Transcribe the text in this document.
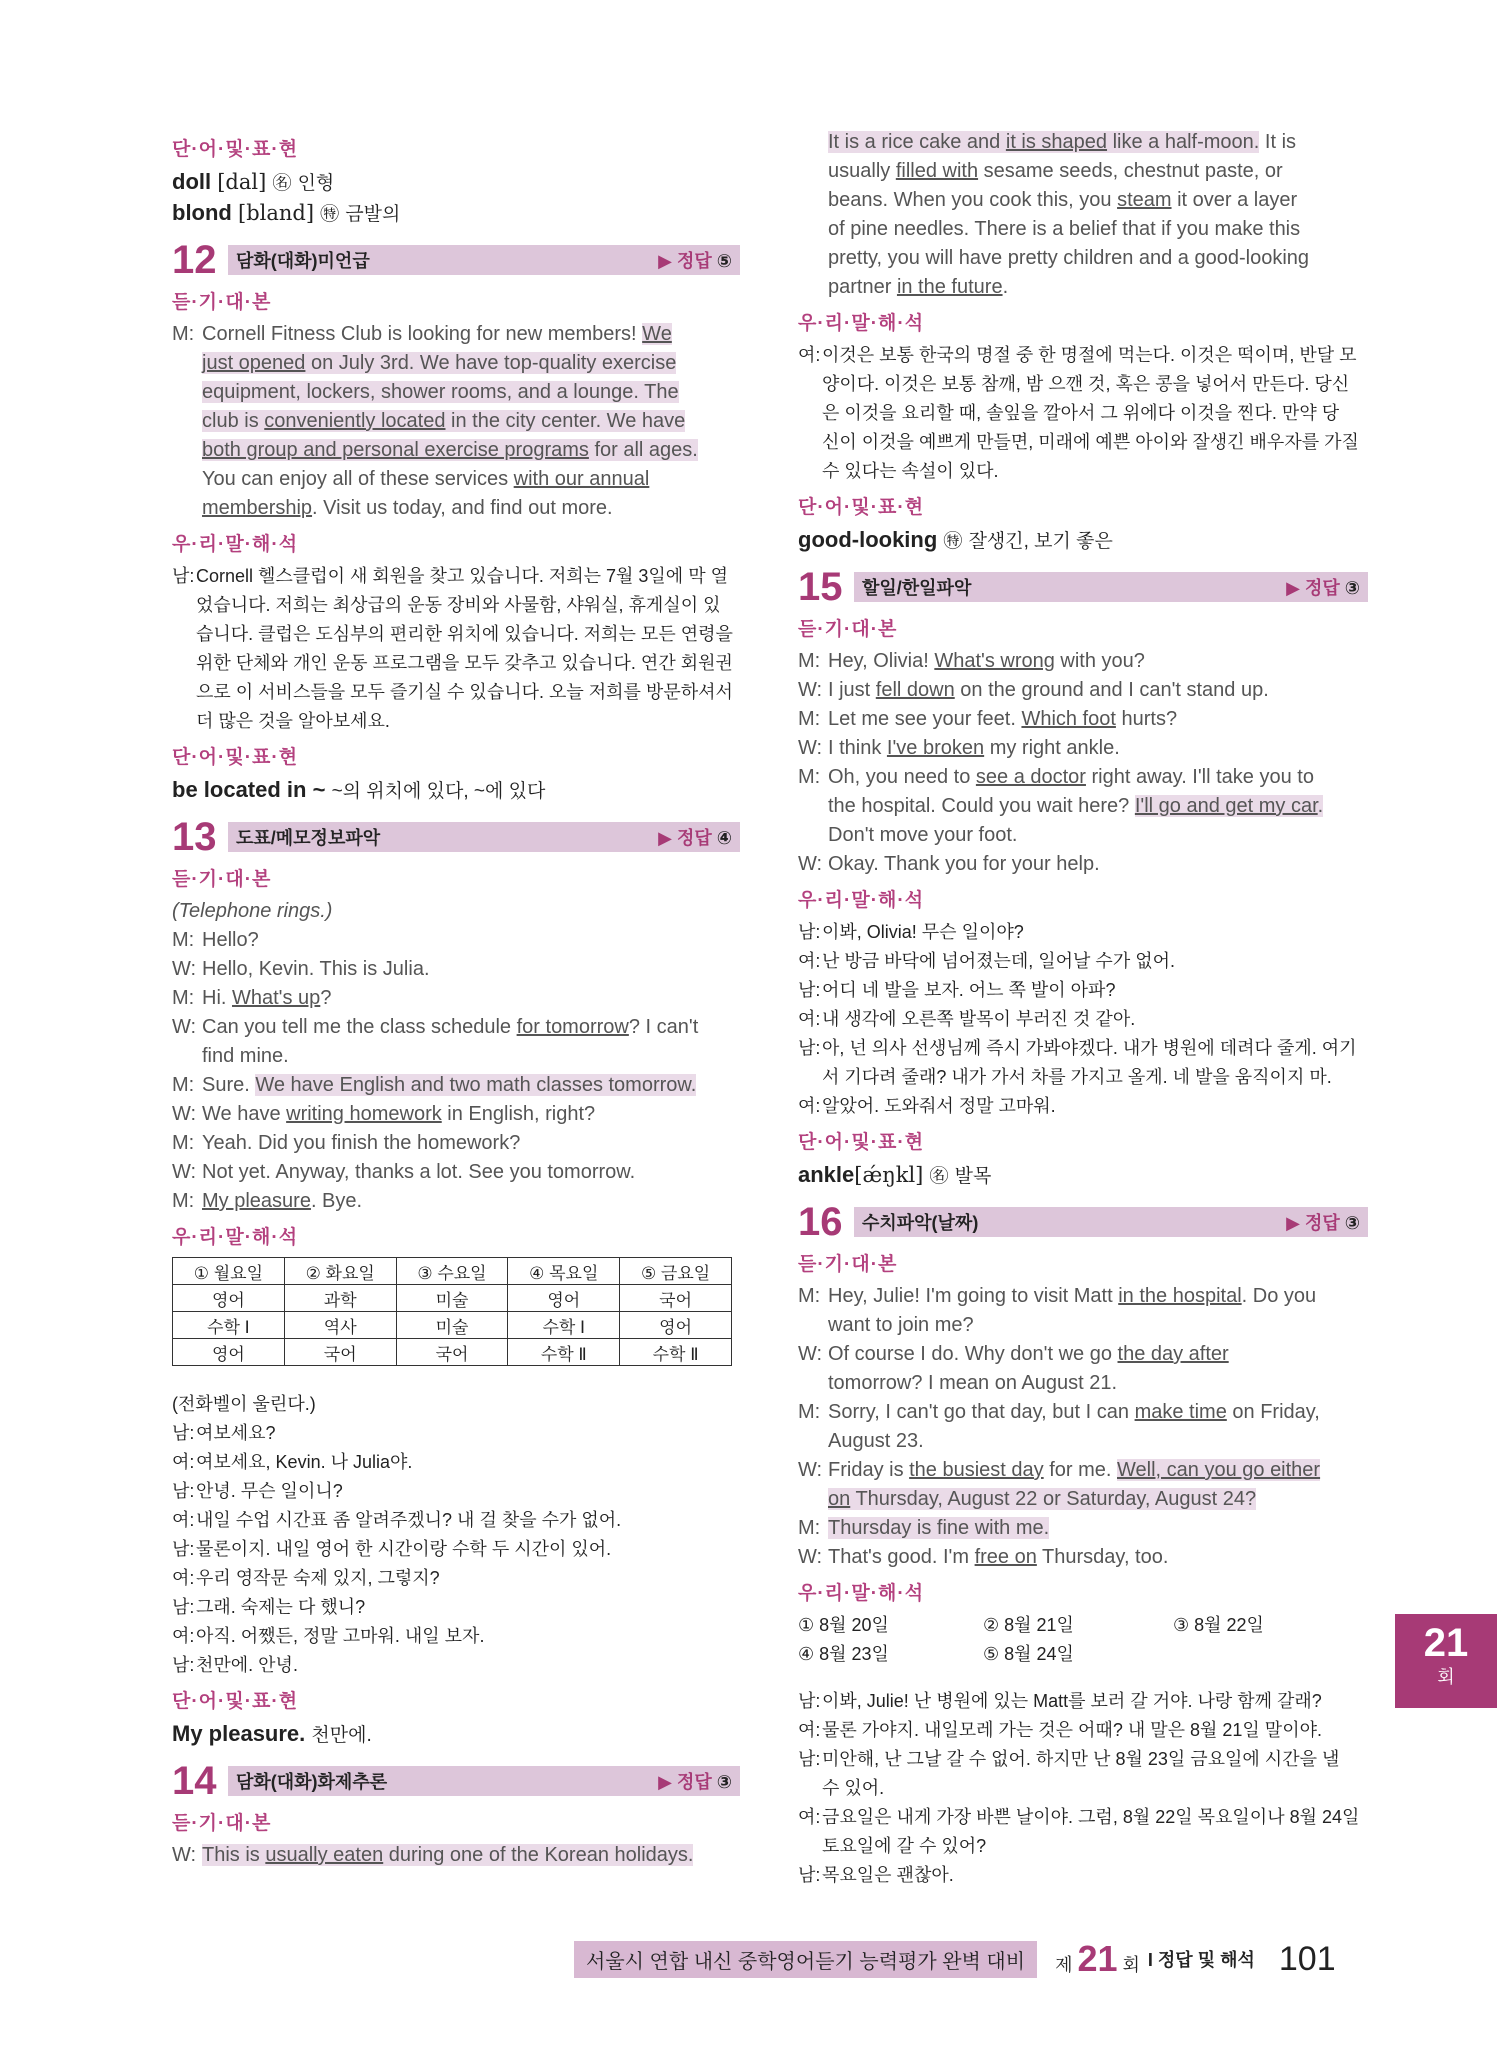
단·어·및·표·현
doll [dal] ㊔ 인형
blond [bland] ㊕ 금발의
12	담화(대화)미언급	▶ 정답 ⑤
듣·기·대·본
M: Cornell Fitness Club is looking for new members! We
just opened on July 3rd. We have top-quality exercise
equipment, lockers, shower rooms, and a lounge. The
club is conveniently located in the city center. We have
both group and personal exercise programs for all ages.
You can enjoy all of these services with our annual
membership. Visit us today, and find out more.
우·리·말·해·석
남: Cornell 헬스클럽이 새 회원을 찾고 있습니다. 저희는 7월 3일에 막 열
었습니다. 저희는 최상급의 운동 장비와 사물함, 샤워실, 휴게실이 있
습니다. 클럽은 도심부의 편리한 위치에 있습니다. 저희는 모든 연령을
위한 단체와 개인 운동 프로그램을 모두 갖추고 있습니다. 연간 회원권
으로 이 서비스들을 모두 즐기실 수 있습니다. 오늘 저희를 방문하셔서
더 많은 것을 알아보세요.
단·어·및·표·현
be located in ~ ~의 위치에 있다, ~에 있다
13	도표/메모정보파악	▶ 정답 ④
듣·기·대·본
(Telephone rings.)
M: Hello?
W: Hello, Kevin. This is Julia.
M: Hi. What's up?
W: Can you tell me the class schedule for tomorrow? I can't
find mine.
M: Sure. We have English and two math classes tomorrow.
W: We have writing homework in English, right?
M: Yeah. Did you finish the homework?
W: Not yet. Anyway, thanks a lot. See you tomorrow.
M: My pleasure. Bye.
우·리·말·해·석
① 월요일	② 화요일	③ 수요일	④ 목요일	⑤ 금요일
영어	과학	미술	영어	국어
수학 Ⅰ	역사	미술	수학 Ⅰ	영어
영어	국어	국어	수학 Ⅱ	수학 Ⅱ
(전화벨이 울린다.)
남: 여보세요?
여: 여보세요, Kevin. 나 Julia야.
남: 안녕. 무슨 일이니?
여: 내일 수업 시간표 좀 알려주겠니? 내 걸 찾을 수가 없어.
남: 물론이지. 내일 영어 한 시간이랑 수학 두 시간이 있어.
여: 우리 영작문 숙제 있지, 그렇지?
남: 그래. 숙제는 다 했니?
여: 아직. 어쨌든, 정말 고마워. 내일 보자.
남: 천만에. 안녕.
단·어·및·표·현
My pleasure. 천만에.
14	담화(대화)화제추론	▶ 정답 ③
듣·기·대·본
W: This is usually eaten during one of the Korean holidays.
It is a rice cake and it is shaped like a half-moon. It is
usually filled with sesame seeds, chestnut paste, or
beans. When you cook this, you steam it over a layer
of pine needles. There is a belief that if you make this
pretty, you will have pretty children and a good-looking
partner in the future.
우·리·말·해·석
여: 이것은 보통 한국의 명절 중 한 명절에 먹는다. 이것은 떡이며, 반달 모
양이다. 이것은 보통 참깨, 밤 으깬 것, 혹은 콩을 넣어서 만든다. 당신
은 이것을 요리할 때, 솔잎을 깔아서 그 위에다 이것을 찐다. 만약 당
신이 이것을 예쁘게 만들면, 미래에 예쁜 아이와 잘생긴 배우자를 가질
수 있다는 속설이 있다.
단·어·및·표·현
good-looking ㊕ 잘생긴, 보기 좋은
15	할일/한일파악	▶ 정답 ③
듣·기·대·본
M: Hey, Olivia! What's wrong with you?
W: I just fell down on the ground and I can't stand up.
M: Let me see your feet. Which foot hurts?
W: I think I've broken my right ankle.
M: Oh, you need to see a doctor right away. I'll take you to
the hospital. Could you wait here? I'll go and get my car.
Don't move your foot.
W: Okay. Thank you for your help.
우·리·말·해·석
남: 이봐, Olivia! 무슨 일이야?
여: 난 방금 바닥에 넘어졌는데, 일어날 수가 없어.
남: 어디 네 발을 보자. 어느 쪽 발이 아파?
여: 내 생각에 오른쪽 발목이 부러진 것 같아.
남: 아, 넌 의사 선생님께 즉시 가봐야겠다. 내가 병원에 데려다 줄게. 여기
서 기다려 줄래? 내가 가서 차를 가지고 올게. 네 발을 움직이지 마.
여: 알았어. 도와줘서 정말 고마워.
단·어·및·표·현
ankle[ǽŋkl] ㊔ 발목
16	수치파악(날짜)	▶ 정답 ③
듣·기·대·본
M: Hey, Julie! I'm going to visit Matt in the hospital. Do you
want to join me?
W: Of course I do. Why don't we go the day after
tomorrow? I mean on August 21.
M: Sorry, I can't go that day, but I can make time on Friday,
August 23.
W: Friday is the busiest day for me. Well, can you go either
on Thursday, August 22 or Saturday, August 24?
M: Thursday is fine with me.
W: That's good. I'm free on Thursday, too.
우·리·말·해·석
① 8월 20일	② 8월 21일	③ 8월 22일
④ 8월 23일	⑤ 8월 24일
남: 이봐, Julie! 난 병원에 있는 Matt를 보러 갈 거야. 나랑 함께 갈래?
여: 물론 가야지. 내일모레 가는 것은 어때? 내 말은 8월 21일 말이야.
남: 미안해, 난 그날 갈 수 없어. 하지만 난 8월 23일 금요일에 시간을 낼
수 있어.
여: 금요일은 내게 가장 바쁜 날이야. 그럼, 8월 22일 목요일이나 8월 24일
토요일에 갈 수 있어?
남: 목요일은 괜찮아.
21
회
서울시 연합 내신 중학영어듣기 능력평가 완벽 대비	제 21 회 I 정답 및 해석 101
